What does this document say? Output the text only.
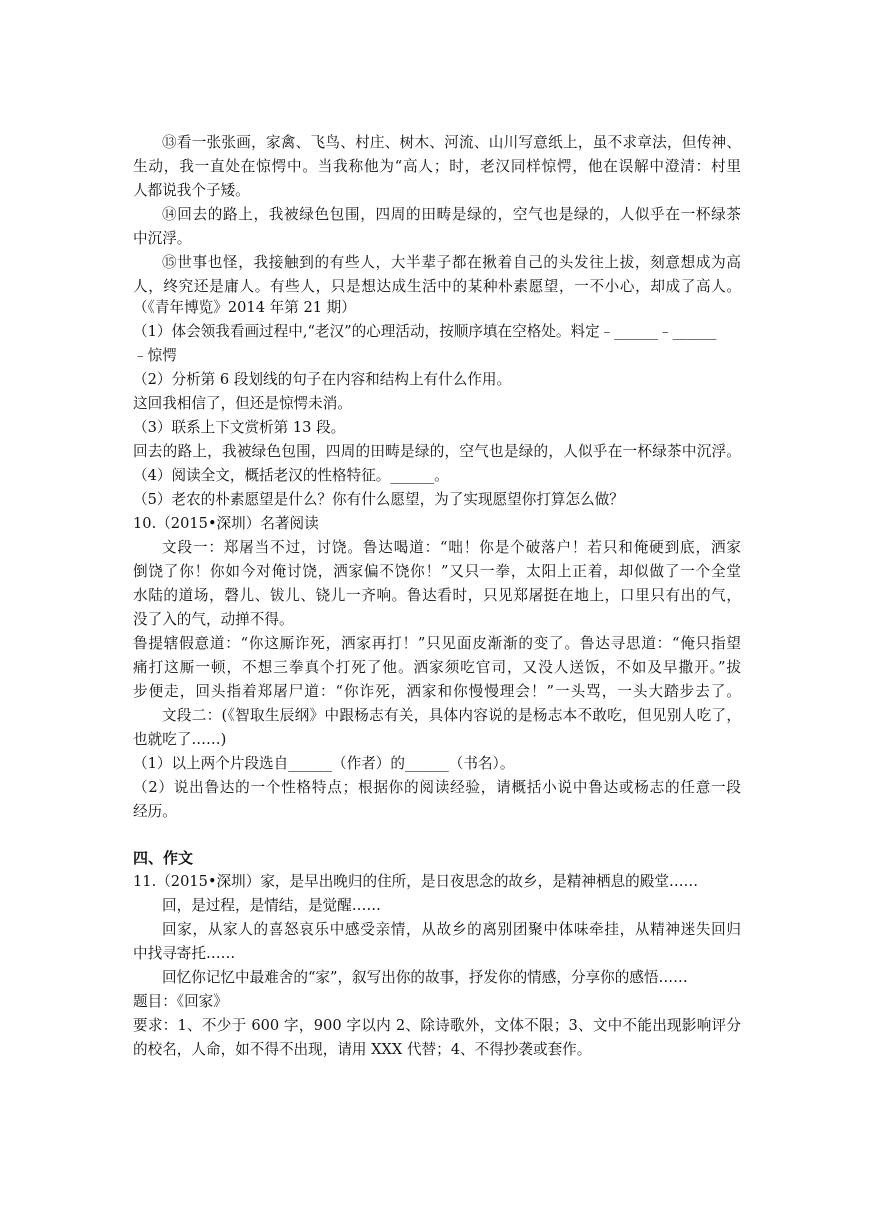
⑬看一张张画，家禽、飞鸟、村庄、树木、河流、山川写意纸上，虽不求章法，但传神、
生动，我一直处在惊愕中。当我称他为“高人；时，老汉同样惊愕，他在误解中澄清：村里
人都说我个子矮。
⑭回去的路上，我被绿色包围，四周的田畴是绿的，空气也是绿的，人似乎在一杯绿茶
中沉浮。
⑮世事也怪，我接触到的有些人，大半辈子都在揪着自己的头发往上拔，刻意想成为高
人，终究还是庸人。有些人，只是想达成生活中的某种朴素愿望，一不小心，却成了高人。
（《青年博览》2014 年第 21 期）
（1）体会领我看画过程中,“老汉”的心理活动，按顺序填在空格处。料定﹣______﹣______
﹣惊愕
（2）分析第 6 段划线的句子在内容和结构上有什么作用。
这回我相信了，但还是惊愕未消。
（3）联系上下文赏析第 13 段。
回去的路上，我被绿色包围，四周的田畴是绿的，空气也是绿的，人似乎在一杯绿茶中沉浮。
（4）阅读全文，概括老汉的性格特征。______。
（5）老农的朴素愿望是什么？你有什么愿望，为了实现愿望你打算怎么做？
10.（2015•深圳）名著阅读
文段一：郑屠当不过，讨饶。鲁达喝道：“咄！你是个破落户！若只和俺硬到底，洒家
倒饶了你！你如今对俺讨饶，洒家偏不饶你！”又只一拳，太阳上正着，却似做了一个全堂
水陆的道场，磬儿、钹儿、铙儿一齐响。鲁达看时，只见郑屠挺在地上，口里只有出的气，
没了入的气，动掸不得。
鲁提辖假意道：“你这厮诈死，洒家再打！”只见面皮渐渐的变了。鲁达寻思道：“俺只指望
痛打这厮一顿，不想三拳真个打死了他。洒家须吃官司，又没人送饭，不如及早撒开。”拔
步便走，回头指着郑屠尸道：“你诈死，洒家和你慢慢理会！”一头骂，一头大踏步去了。
文段二：(《智取生辰纲》中跟杨志有关，具体内容说的是杨志本不敢吃，但见别人吃了，
也就吃了……)
（1）以上两个片段选自______（作者）的______（书名）。
（2）说出鲁达的一个性格特点；根据你的阅读经验，请概括小说中鲁达或杨志的任意一段
经历。
四、作文
11.（2015•深圳）家，是早出晚归的住所，是日夜思念的故乡，是精神栖息的殿堂……
回，是过程，是情结，是觉醒……
回家，从家人的喜怒哀乐中感受亲情，从故乡的离别团聚中体味牵挂，从精神迷失回归
中找寻寄托……
回忆你记忆中最难舍的“家”，叙写出你的故事，抒发你的情感，分享你的感悟……
题目：《回家》
要求：1、不少于 600 字，900 字以内 2、除诗歌外，文体不限；3、文中不能出现影响评分
的校名，人命，如不得不出现，请用 XXX 代替；4、不得抄袭或套作。
